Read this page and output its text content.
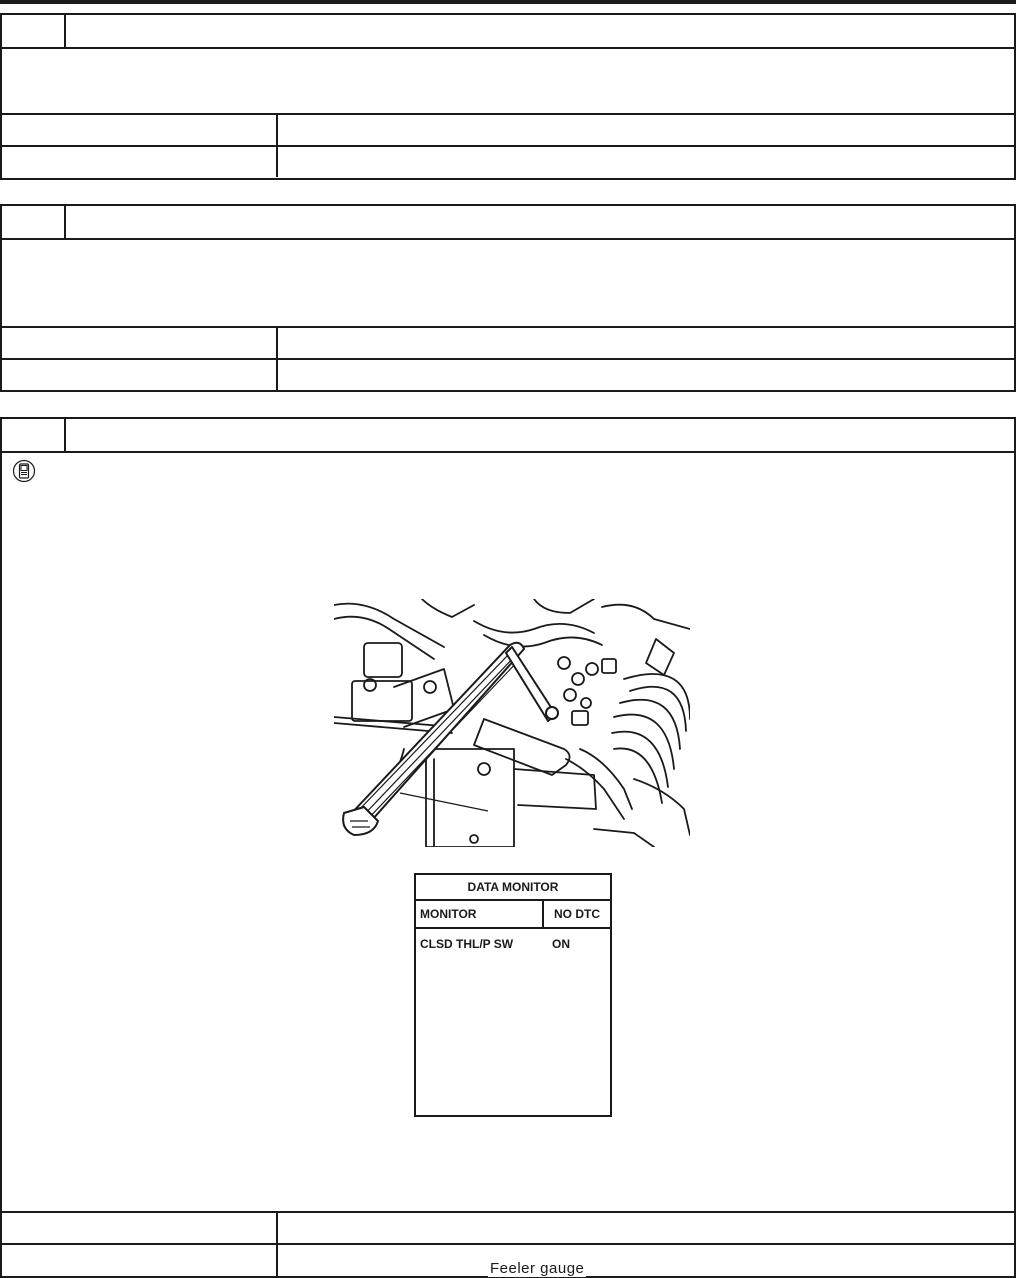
Feeler gauge
DATA MONITOR
MONITOR	NO DTC
CLSD THL/P SW	ON
